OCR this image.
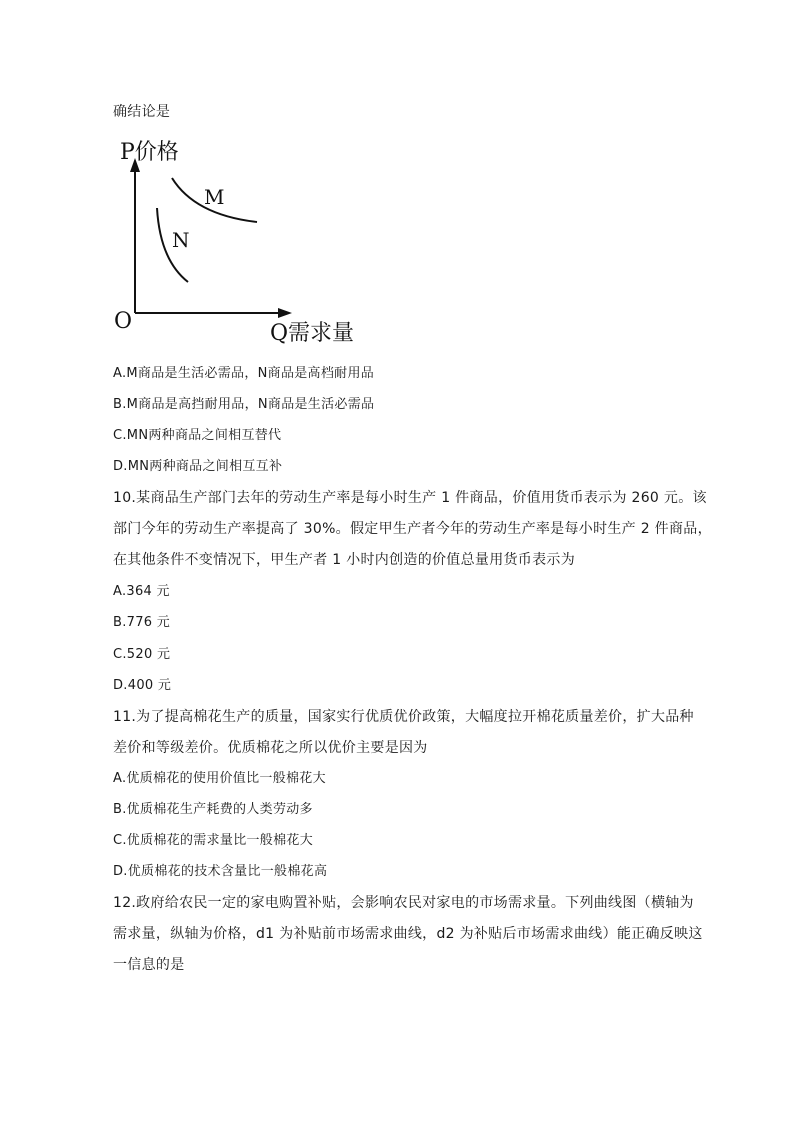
确结论是
P价格
Q需求量
O
M
N
A.M商品是生活必需品，N商品是高档耐用品
B.M商品是高挡耐用品，N商品是生活必需品
C.MN两种商品之间相互替代
D.MN两种商品之间相互互补
10.某商品生产部门去年的劳动生产率是每小时生产 1 件商品，价值用货币表示为 260 元。该
部门今年的劳动生产率提高了 30%。假定甲生产者今年的劳动生产率是每小时生产 2 件商品，
在其他条件不变情况下，甲生产者 1 小时内创造的价值总量用货币表示为
A.364 元
B.776 元
C.520 元
D.400 元
11.为了提高棉花生产的质量，国家实行优质优价政策，大幅度拉开棉花质量差价，扩大品种
差价和等级差价。优质棉花之所以优价主要是因为
A.优质棉花的使用价值比一般棉花大
B.优质棉花生产耗费的人类劳动多
C.优质棉花的需求量比一般棉花大
D.优质棉花的技术含量比一般棉花高
12.政府给农民一定的家电购置补贴，会影响农民对家电的市场需求量。下列曲线图（横轴为
需求量，纵轴为价格，d1 为补贴前市场需求曲线，d2 为补贴后市场需求曲线）能正确反映这
一信息的是
